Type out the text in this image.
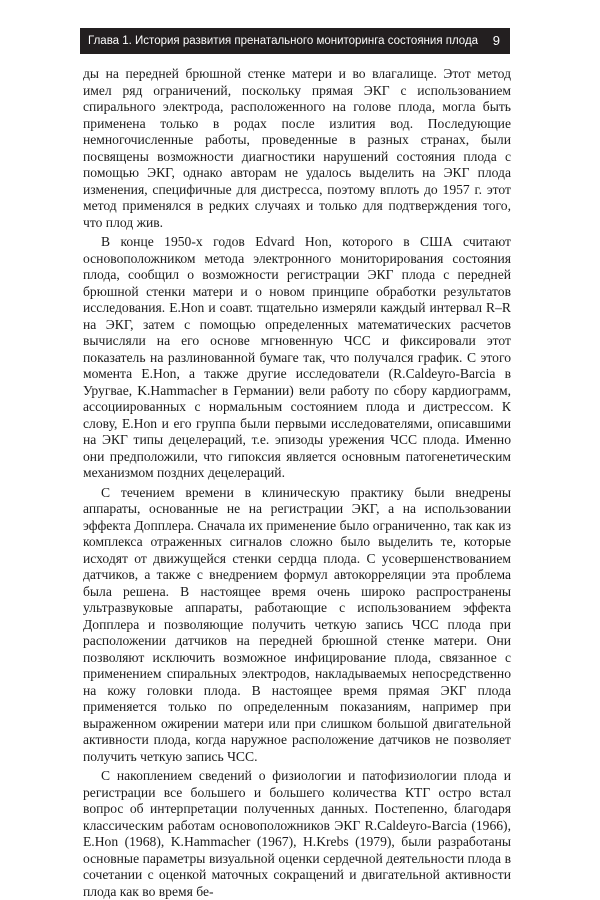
Глава 1. История развития пренатального мониторинга состояния плода 9

ды на передней брюшной стенке матери и во влагалище. Этот метод имел ряд ограничений, поскольку прямая ЭКГ с использованием спирального электрода, расположенного на голове плода, могла быть применена только в родах после излития вод. Последующие немногочисленные работы, проведенные в разных странах, были посвящены возможности диагностики нарушений состояния плода с помощью ЭКГ, однако авторам не удалось выделить на ЭКГ плода изменения, специфичные для дистресса, поэтому вплоть до 1957 г. этот метод применялся в редких случаях и только для подтверждения того, что плод жив.

В конце 1950-х годов Edvard Hon, которого в США считают основоположником метода электронного мониторирования состояния плода, сообщил о возможности регистрации ЭКГ плода с передней брюшной стенки матери и о новом принципе обработки результатов исследования. E.Hon и соавт. тщательно измеряли каждый интервал R–R на ЭКГ, затем с помощью определенных математических расчетов вычисляли на его основе мгновенную ЧСС и фиксировали этот показатель на разлинованной бумаге так, что получался график. С этого момента E.Hon, а также другие исследователи (R.Caldeyro-Barcia в Уругвае, K.Hammacher в Германии) вели работу по сбору кардиограмм, ассоциированных с нормальным состоянием плода и дистрессом. К слову, E.Hon и его группа были первыми исследователями, описавшими на ЭКГ типы децелераций, т.е. эпизоды урежения ЧСС плода. Именно они предположили, что гипоксия является основным патогенетическим механизмом поздних децелераций.

С течением времени в клиническую практику были внедрены аппараты, основанные не на регистрации ЭКГ, а на использовании эффекта Допплера. Сначала их применение было ограниченно, так как из комплекса отраженных сигналов сложно было выделить те, которые исходят от движущейся стенки сердца плода. С усовершенствованием датчиков, а также с внедрением формул автокорреляции эта проблема была решена. В настоящее время очень широко распространены ультразвуковые аппараты, работающие с использованием эффекта Допплера и позволяющие получить четкую запись ЧСС плода при расположении датчиков на передней брюшной стенке матери. Они позволяют исключить возможное инфицирование плода, связанное с применением спиральных электродов, накладываемых непосредственно на кожу головки плода. В настоящее время прямая ЭКГ плода применяется только по определенным показаниям, например при выраженном ожирении матери или при слишком большой двигательной активности плода, когда наружное расположение датчиков не позволяет получить четкую запись ЧСС.

С накоплением сведений о физиологии и патофизиологии плода и регистрации все большего и большего количества КТГ остро встал вопрос об интерпретации полученных данных. Постепенно, благодаря классическим работам основоположников ЭКГ R.Caldeyro-Barcia (1966), E.Hon (1968), K.Hammacher (1967), H.Krebs (1979), были разработаны основные параметры визуальной оценки сердечной деятельности плода в сочетании с оценкой маточных сокращений и двигательной активности плода как во время бе-
